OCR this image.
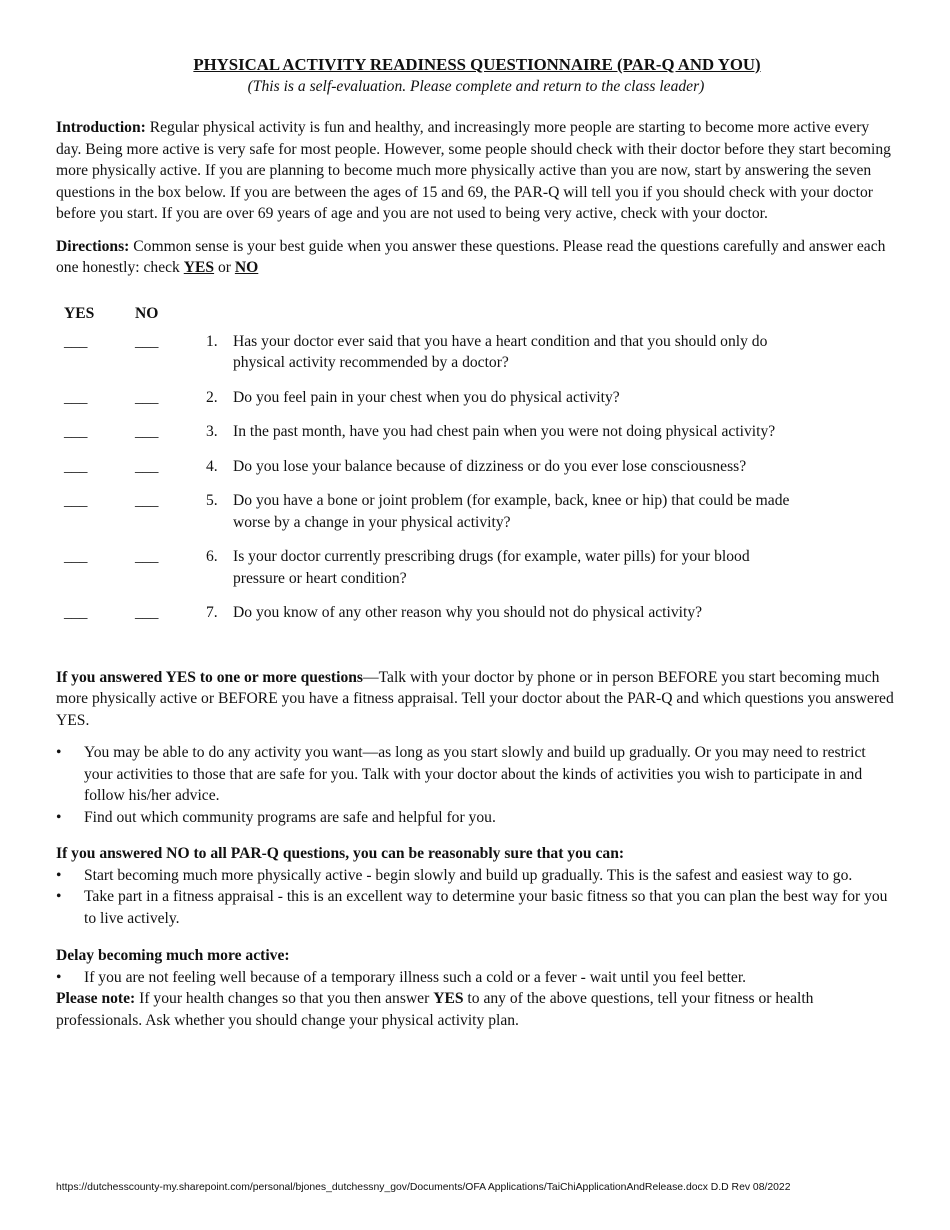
PHYSICAL ACTIVITY READINESS QUESTIONNAIRE (PAR-Q AND YOU)
(This is a self-evaluation. Please complete and return to the class leader)

Introduction: Regular physical activity is fun and healthy, and increasingly more people are starting to become more active every day. Being more active is very safe for most people. However, some people should check with their doctor before they start becoming more physically active. If you are planning to become much more physically active than you are now, start by answering the seven questions in the box below. If you are between the ages of 15 and 69, the PAR-Q will tell you if you should check with your doctor before you start. If you are over 69 years of age and you are not used to being very active, check with your doctor.

Directions: Common sense is your best guide when you answer these questions. Please read the questions carefully and answer each one honestly: check YES or NO

YES	NO
___	___	1. Has your doctor ever said that you have a heart condition and that you should only do physical activity recommended by a doctor?
___	___	2. Do you feel pain in your chest when you do physical activity?
___	___	3. In the past month, have you had chest pain when you were not doing physical activity?
___	___	4. Do you lose your balance because of dizziness or do you ever lose consciousness?
___	___	5. Do you have a bone or joint problem (for example, back, knee or hip) that could be made worse by a change in your physical activity?
___	___	6. Is your doctor currently prescribing drugs (for example, water pills) for your blood pressure or heart condition?
___	___	7. Do you know of any other reason why you should not do physical activity?

If you answered YES to one or more questions—Talk with your doctor by phone or in person BEFORE you start becoming much more physically active or BEFORE you have a fitness appraisal. Tell your doctor about the PAR-Q and which questions you answered YES.

• You may be able to do any activity you want—as long as you start slowly and build up gradually. Or you may need to restrict your activities to those that are safe for you. Talk with your doctor about the kinds of activities you wish to participate in and follow his/her advice.
• Find out which community programs are safe and helpful for you.

If you answered NO to all PAR-Q questions, you can be reasonably sure that you can:

• Start becoming much more physically active - begin slowly and build up gradually. This is the safest and easiest way to go.
• Take part in a fitness appraisal - this is an excellent way to determine your basic fitness so that you can plan the best way for you to live actively.

Delay becoming much more active:

• If you are not feeling well because of a temporary illness such a cold or a fever - wait until you feel better.

Please note: If your health changes so that you then answer YES to any of the above questions, tell your fitness or health professionals. Ask whether you should change your physical activity plan.

https://dutchesscounty-my.sharepoint.com/personal/bjones_dutchessny_gov/Documents/OFA Applications/TaiChiApplicationAndRelease.docx D.D Rev 08/2022
